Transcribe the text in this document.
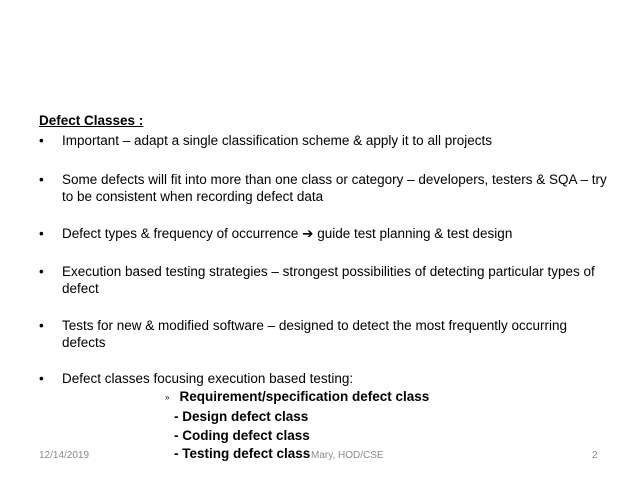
Defect Classes :
• Important – adapt a single classification scheme & apply it to all projects
• Some defects will fit into more than one class or category – developers, testers & SQA – try to be consistent when recording defect data
• Defect types & frequency of occurrence ➔ guide test planning & test design
• Execution based testing strategies – strongest possibilities of detecting particular types of defect
• Tests for new & modified software – designed to detect the most frequently occurring defects
• Defect classes focusing execution based testing:
» Requirement/specification defect class
- Design defect class
- Coding defect class
- Testing defect class
12/14/2019	Mary, HOD/CSE	2
